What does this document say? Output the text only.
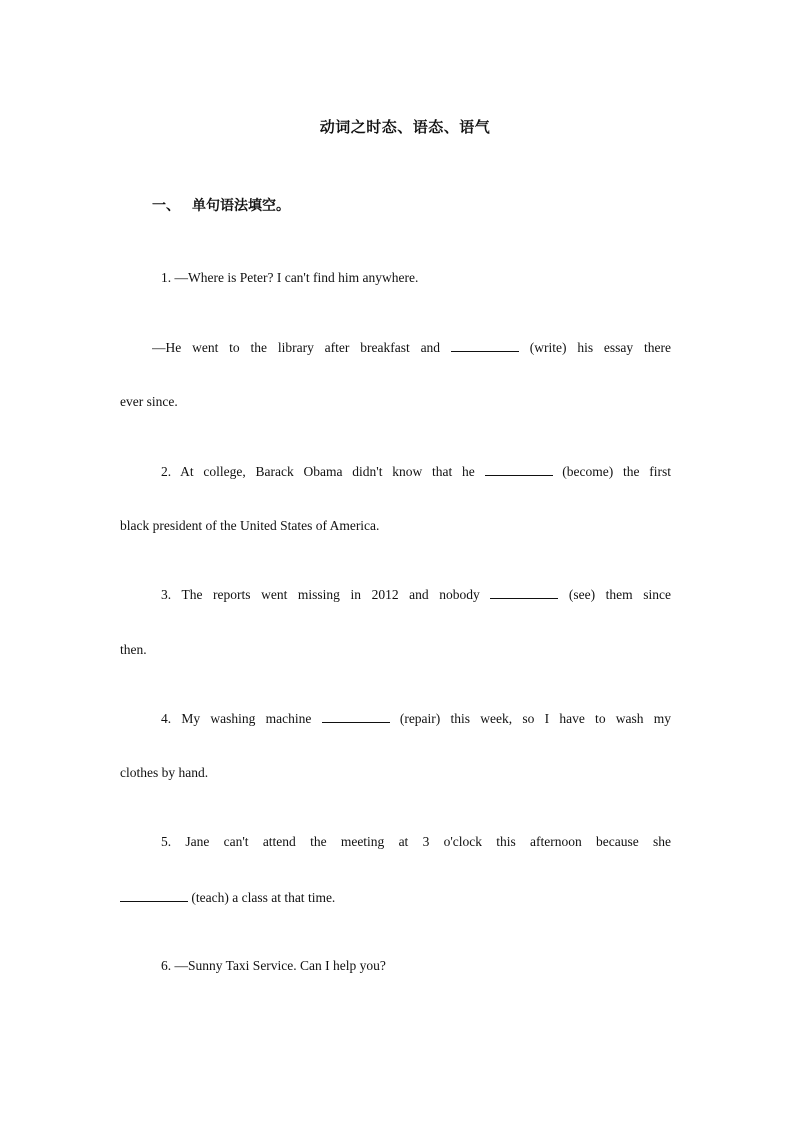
动词之时态、语态、语气
一、 单句语法填空。
1. —Where is Peter? I can't find him anywhere.
—He went to the library after breakfast and	(write) his essay there
ever since.
2. At college, Barack Obama didn't know that he	(become) the first
black president of the United States of America.
3. The reports went missing in 2012 and nobody	(see) them since
then.
4. My washing machine	(repair) this week, so I have to wash my
clothes by hand.
5. Jane can't attend the meeting at 3 o'clock this afternoon because she
(teach) a class at that time.
6. —Sunny Taxi Service. Can I help you?
